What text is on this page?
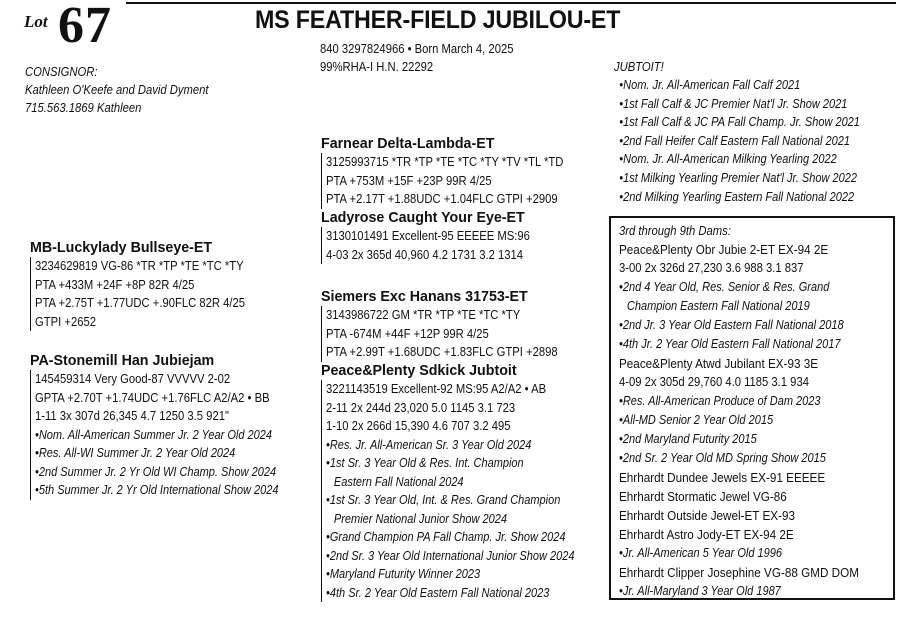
Lot 67	MS FEATHER-FIELD JUBILOU-ET
840 3297824966 • Born March 4, 2025
99%RHA-I H.N. 22292
CONSIGNOR:
Kathleen O'Keefe and David Dyment
715.563.1869 Kathleen
MB-Luckylady Bullseye-ET
3234629819 VG-86 *TR *TP *TE *TC *TY
PTA +433M +24F +8P 82R 4/25
PTA +2.75T +1.77UDC +.90FLC 82R 4/25
GTPI +2652
PA-Stonemill Han Jubiejam
145459314 Very Good-87 VVVVV 2-02
GPTA +2.70T +1.74UDC +1.76FLC A2/A2 • BB
1-11 3x 307d 26,345 4.7 1250 3.5 921"
•Nom. All-American Summer Jr. 2 Year Old 2024
•Res. All-WI Summer Jr. 2 Year Old 2024
•2nd Summer Jr. 2 Yr Old WI Champ. Show 2024
•5th Summer Jr. 2 Yr Old International Show 2024
Farnear Delta-Lambda-ET
3125993715 *TR *TP *TE *TC *TY *TV *TL *TD
PTA +753M +15F +23P 99R 4/25
PTA +2.17T +1.88UDC +1.04FLC GTPI +2909
Ladyrose Caught Your Eye-ET
3130101491 Excellent-95 EEEEE MS:96
4-03 2x 365d 40,960 4.2 1731 3.2 1314
Siemers Exc Hanans 31753-ET
3143986722 GM *TR *TP *TE *TC *TY
PTA -674M +44F +12P 99R 4/25
PTA +2.99T +1.68UDC +1.83FLC GTPI +2898
Peace&Plenty Sdkick Jubtoit
3221143519 Excellent-92 MS:95 A2/A2 • AB
2-11 2x 244d 23,020 5.0 1145 3.1 723
1-10 2x 266d 15,390 4.6 707 3.2 495
•Res. Jr. All-American Sr. 3 Year Old 2024
•1st Sr. 3 Year Old & Res. Int. Champion
Eastern Fall National 2024
•1st Sr. 3 Year Old, Int. & Res. Grand Champion
Premier National Junior Show 2024
•Grand Champion PA Fall Champ. Jr. Show 2024
•2nd Sr. 3 Year Old International Junior Show 2024
•Maryland Futurity Winner 2023
•4th Sr. 2 Year Old Eastern Fall National 2023
JUBTOIT!
•Nom. Jr. All-American Fall Calf 2021
•1st Fall Calf & JC Premier Nat'l Jr. Show 2021
•1st Fall Calf & JC PA Fall Champ. Jr. Show 2021
•2nd Fall Heifer Calf Eastern Fall National 2021
•Nom. Jr. All-American Milking Yearling 2022
•1st Milking Yearling Premier Nat'l Jr. Show 2022
•2nd Milking Yearling Eastern Fall National 2022
3rd through 9th Dams:
Peace&Plenty Obr Jubie 2-ET EX-94 2E
3-00 2x 326d 27,230 3.6 988 3.1 837
•2nd 4 Year Old, Res. Senior & Res. Grand
Champion Eastern Fall National 2019
•2nd Jr. 3 Year Old Eastern Fall National 2018
•4th Jr. 2 Year Old Eastern Fall National 2017
Peace&Plenty Atwd Jubilant EX-93 3E
4-09 2x 305d 29,760 4.0 1185 3.1 934
•Res. All-American Produce of Dam 2023
•All-MD Senior 2 Year Old 2015
•2nd Maryland Futurity 2015
•2nd Sr. 2 Year Old MD Spring Show 2015
Ehrhardt Dundee Jewels EX-91 EEEEE
Ehrhardt Stormatic Jewel VG-86
Ehrhardt Outside Jewel-ET EX-93
Ehrhardt Astro Jody-ET EX-94 2E
•Jr. All-American 5 Year Old 1996
Ehrhardt Clipper Josephine VG-88 GMD DOM
•Jr. All-Maryland 3 Year Old 1987
